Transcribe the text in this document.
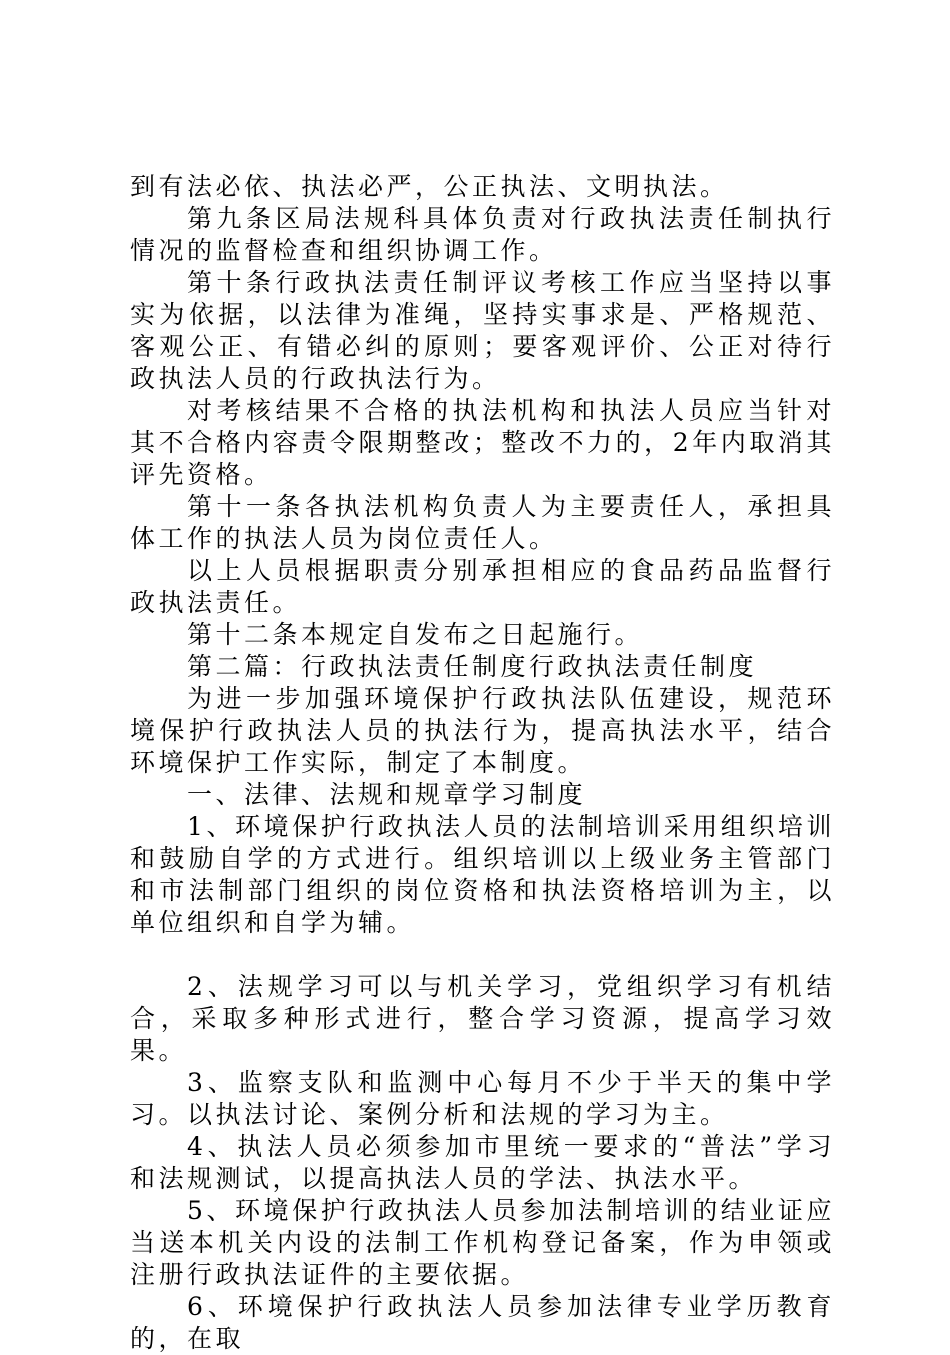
到有法必依、执法必严，公正执法、文明执法。

第九条区局法规科具体负责对行政执法责任制执行情况的监督检查和组织协调工作。

第十条行政执法责任制评议考核工作应当坚持以事实为依据，以法律为准绳，坚持实事求是、严格规范、客观公正、有错必纠的原则；要客观评价、公正对待行政执法人员的行政执法行为。

对考核结果不合格的执法机构和执法人员应当针对其不合格内容责令限期整改；整改不力的，2年内取消其评先资格。

第十一条各执法机构负责人为主要责任人，承担具体工作的执法人员为岗位责任人。

以上人员根据职责分别承担相应的食品药品监督行政执法责任。

第十二条本规定自发布之日起施行。

第二篇：行政执法责任制度行政执法责任制度

为进一步加强环境保护行政执法队伍建设，规范环境保护行政执法人员的执法行为，提高执法水平，结合环境保护工作实际，制定了本制度。

一、法律、法规和规章学习制度

1、环境保护行政执法人员的法制培训采用组织培训和鼓励自学的方式进行。组织培训以上级业务主管部门和市法制部门组织的岗位资格和执法资格培训为主，以单位组织和自学为辅。

2、法规学习可以与机关学习，党组织学习有机结合，采取多种形式进行，整合学习资源，提高学习效果。

3、监察支队和监测中心每月不少于半天的集中学习。以执法讨论、案例分析和法规的学习为主。

4、执法人员必须参加市里统一要求的“普法”学习和法规测试，以提高执法人员的学法、执法水平。

5、环境保护行政执法人员参加法制培训的结业证应当送本机关内设的法制工作机构登记备案，作为申领或注册行政执法证件的主要依据。

6、环境保护行政执法人员参加法律专业学历教育的，在取
